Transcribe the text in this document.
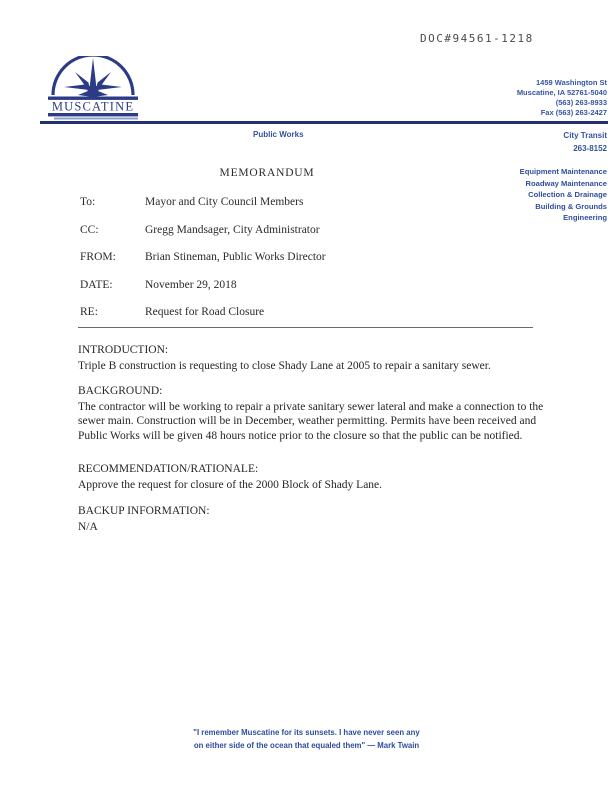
DOC#94561-1218
MUSCATINE
1459 Washington St
Muscatine, IA 52761-5040
(563) 263-8933
Fax (563) 263-2427
Public Works	City Transit
263-8152
Equipment Maintenance
Roadway Maintenance
Collection & Drainage
Building & Grounds
Engineering
MEMORANDUM
To:	Mayor and City Council Members
CC:	Gregg Mandsager, City Administrator
FROM:	Brian Stineman, Public Works Director
DATE:	November 29, 2018
RE:	Request for Road Closure

INTRODUCTION:

Triple B construction is requesting to close Shady Lane at 2005 to repair a sanitary sewer.

BACKGROUND:

The contractor will be working to repair a private sanitary sewer lateral and make a connection to the sewer main. Construction will be in December, weather permitting. Permits have been received and Public Works will be given 48 hours notice prior to the closure so that the public can be notified.

RECOMMENDATION/RATIONALE:

Approve the request for closure of the 2000 Block of Shady Lane.

BACKUP INFORMATION:

N/A

"I remember Muscatine for its sunsets. I have never seen any
on either side of the ocean that equaled them" — Mark Twain
